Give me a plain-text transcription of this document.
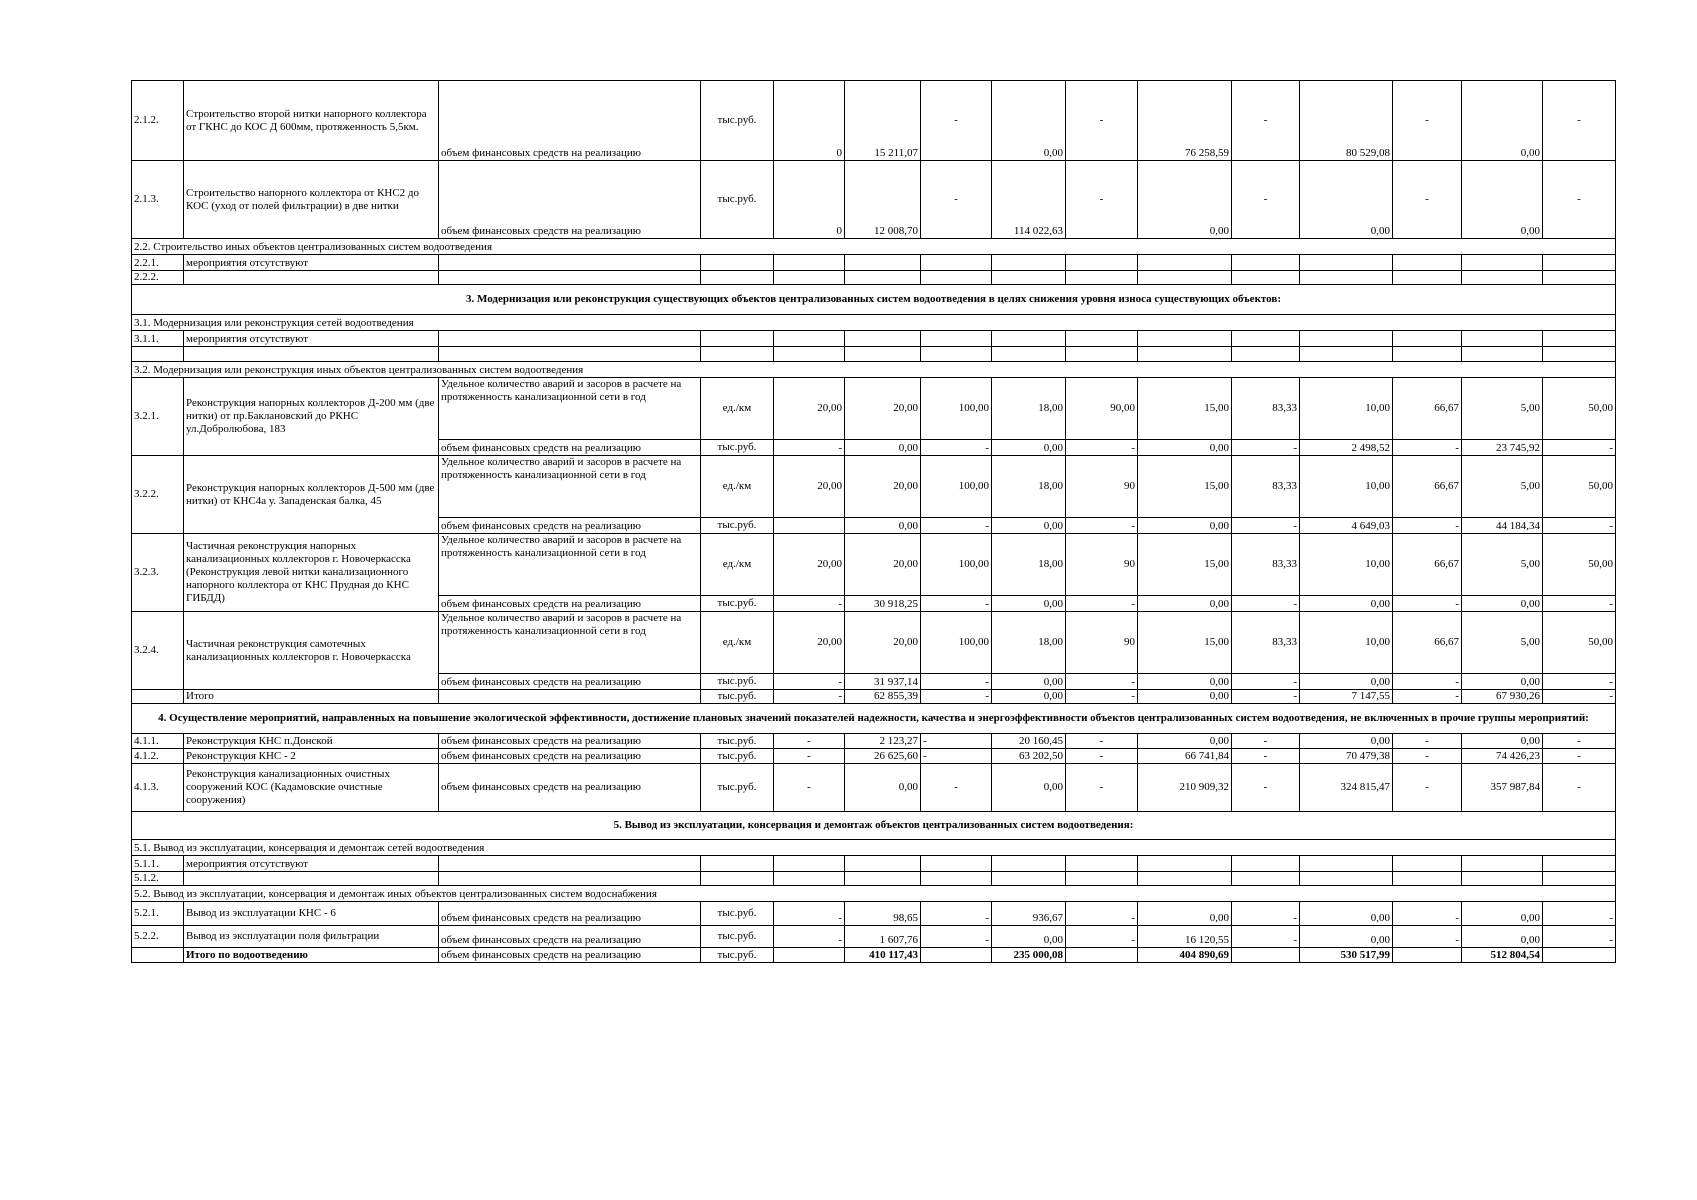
2.1.2.	Строительство второй нитки напорного коллектора от ГКНС до КОС Д 600мм, протяженность 5,5км.	объем финансовых средств на реализацию	тыс.руб.	0	15 211,07	-	0,00	-	76 258,59	-	80 529,08	-	0,00	-
2.1.3.	Строительство напорного коллектора от КНС2 до КОС (уход от полей фильтрации) в две нитки	объем финансовых средств на реализацию	тыс.руб.	0	12 008,70	-	114 022,63	-	0,00	-	0,00	-	0,00	-
2.2. Строительство иных объектов централизованных систем водоотведения														
2.2.1.	мероприятия отсутствуют													
2.2.2.														
3. Модернизация или реконструкция существующих объектов централизованных систем водоотведения в целях снижения уровня износа существующих объектов:														
3.1. Модернизация или реконструкция сетей водоотведения														
3.1.1.	мероприятия отсутствуют													

3.2. Модернизация или реконструкция иных объектов централизованных систем водоотведения														
3.2.1.	Реконструкция напорных коллекторов Д-200 мм (две нитки) от пр.Баклановский до РКНС ул.Добролюбова, 183	Удельное количество аварий и засоров в расчете на протяженность канализационной сети в год	ед./км	20,00	20,00	100,00	18,00	90,00	15,00	83,33	10,00	66,67	5,00	50,00
		объем финансовых средств на реализацию	тыс.руб.	-	0,00	-	0,00	-	0,00	-	2 498,52	-	23 745,92	-
3.2.2.	Реконструкция напорных коллекторов Д-500 мм (две нитки) от КНС4а у. Западенская балка, 45	Удельное количество аварий и засоров в расчете на протяженность канализационной сети в год	ед./км	20,00	20,00	100,00	18,00	90	15,00	83,33	10,00	66,67	5,00	50,00
		объем финансовых средств на реализацию	тыс.руб.		0,00	-	0,00	-	0,00	-	4 649,03	-	44 184,34	-
3.2.3.	Частичная реконструкция напорных канализационных коллекторов г. Новочеркасска (Реконструкция левой нитки канализационного напорного коллектора от КНС Прудная до КНС ГИБДД)	Удельное количество аварий и засоров в расчете на протяженность канализационной сети в год	ед./км	20,00	20,00	100,00	18,00	90	15,00	83,33	10,00	66,67	5,00	50,00
		объем финансовых средств на реализацию	тыс.руб.	-	30 918,25	-	0,00	-	0,00	-	0,00	-	0,00	-
3.2.4.	Частичная реконструкция самотечных канализационных коллекторов г. Новочеркасска	Удельное количество аварий и засоров в расчете на протяженность канализационной сети в год	ед./км	20,00	20,00	100,00	18,00	90	15,00	83,33	10,00	66,67	5,00	50,00
		объем финансовых средств на реализацию	тыс.руб.	-	31 937,14	-	0,00	-	0,00	-	0,00	-	0,00	-
	Итого		тыс.руб.	-	62 855,39	-	0,00	-	0,00	-	7 147,55	-	67 930,26	-
4. Осуществление мероприятий, направленных на повышение экологической эффективности, достижение плановых значений показателей надежности, качества и энергоэффективности объектов централизованных систем водоотведения, не включенных в прочие группы мероприятий:														
4.1.1.	Реконструкция КНС п.Донской	объем финансовых средств на реализацию	тыс.руб.	-	2 123,27	-	20 160,45	-	0,00	-	0,00	-	0,00	-
4.1.2.	Реконструкция КНС - 2	объем финансовых средств на реализацию	тыс.руб.	-	26 625,60	-	63 202,50	-	66 741,84	-	70 479,38	-	74 426,23	-
4.1.3.	Реконструкция канализационных очистных сооружений КОС (Кадамовские очистные сооружения)	объем финансовых средств на реализацию	тыс.руб.	-	0,00	-	0,00	-	210 909,32	-	324 815,47	-	357 987,84	-
5. Вывод из эксплуатации, консервация и демонтаж объектов централизованных систем водоотведения:														
5.1. Вывод из эксплуатации, консервация и демонтаж сетей водоотведения														
5.1.1.	мероприятия отсутствуют													
5.1.2.														
5.2. Вывод из эксплуатации, консервация и демонтаж иных объектов централизованных систем водоснабжения														
5.2.1.	Вывод из эксплуатации КНС - 6	объем финансовых средств на реализацию	тыс.руб.	-	98,65	-	936,67	-	0,00	-	0,00	-	0,00	-
5.2.2.	Вывод из эксплуатации поля фильтрации	объем финансовых средств на реализацию	тыс.руб.	-	1 607,76	-	0,00	-	16 120,55	-	0,00	-	0,00	-
	Итого по водоотведению	объем финансовых средств на реализацию	тыс.руб.		410 117,43		235 000,08		404 890,69		530 517,99		512 804,54	
